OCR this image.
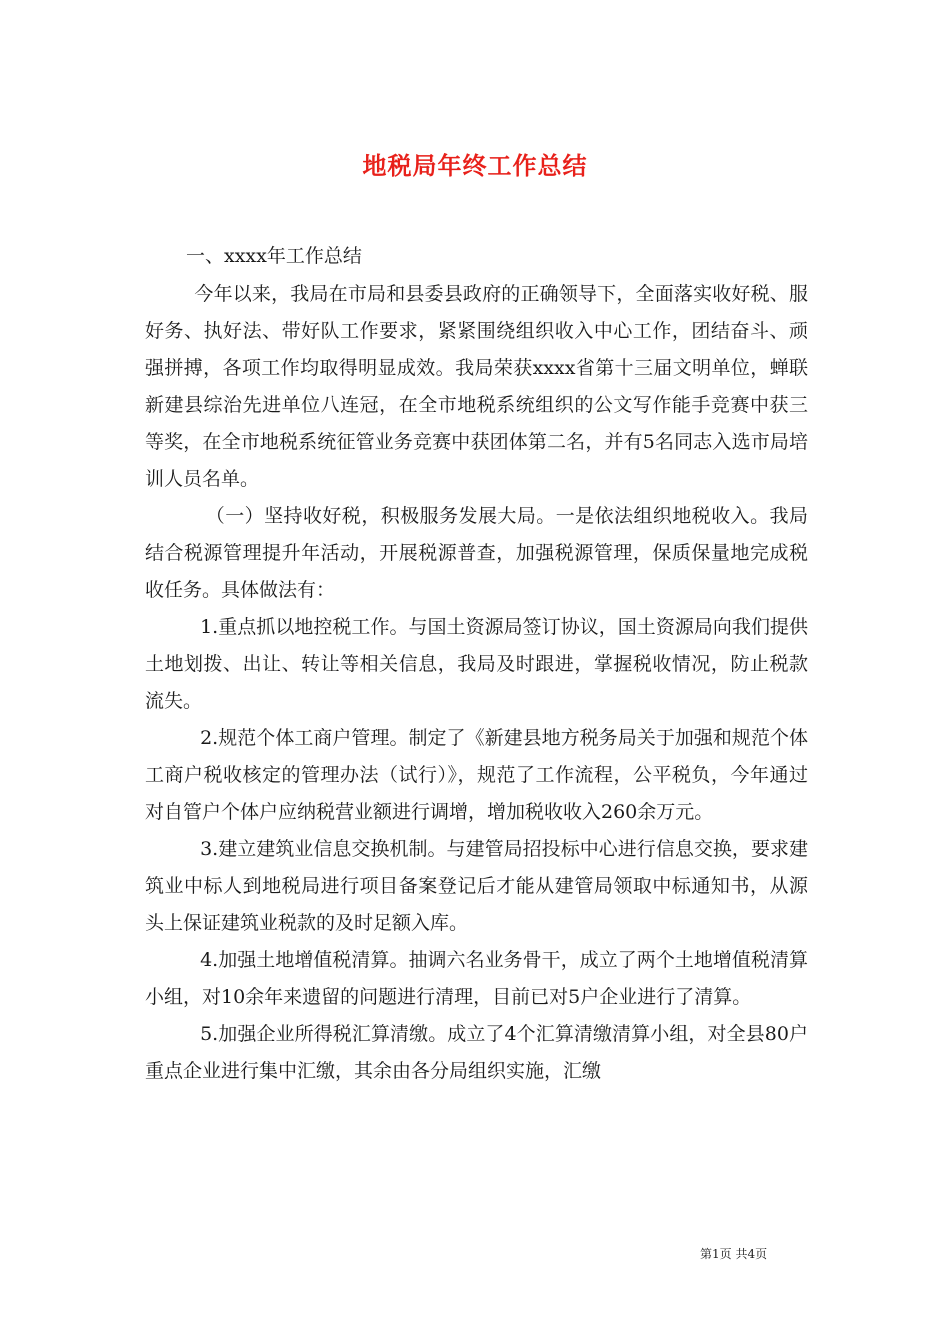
地税局年终工作总结
一、xxxx年工作总结

今年以来，我局在市局和县委县政府的正确领导下，全面落实收好税、服好务、执好法、带好队工作要求，紧紧围绕组织收入中心工作，团结奋斗、顽强拼搏，各项工作均取得明显成效。我局荣获xxxx省第十三届文明单位，蝉联新建县综治先进单位八连冠，在全市地税系统组织的公文写作能手竞赛中获三等奖，在全市地税系统征管业务竞赛中获团体第二名，并有5名同志入选市局培训人员名单。

（一）坚持收好税，积极服务发展大局。一是依法组织地税收入。我局结合税源管理提升年活动，开展税源普查，加强税源管理，保质保量地完成税收任务。具体做法有：

1.重点抓以地控税工作。与国土资源局签订协议，国土资源局向我们提供土地划拨、出让、转让等相关信息，我局及时跟进，掌握税收情况，防止税款流失。

2.规范个体工商户管理。制定了《新建县地方税务局关于加强和规范个体工商户税收核定的管理办法（试行）》，规范了工作流程，公平税负，今年通过对自管户个体户应纳税营业额进行调增，增加税收收入260余万元。

3.建立建筑业信息交换机制。与建管局招投标中心进行信息交换，要求建筑业中标人到地税局进行项目备案登记后才能从建管局领取中标通知书，从源头上保证建筑业税款的及时足额入库。

4.加强土地增值税清算。抽调六名业务骨干，成立了两个土地增值税清算小组，对10余年来遗留的问题进行清理，目前已对5户企业进行了清算。

5.加强企业所得税汇算清缴。成立了4个汇算清缴清算小组，对全县80户重点企业进行集中汇缴，其余由各分局组织实施，汇缴

第1页 共4页
